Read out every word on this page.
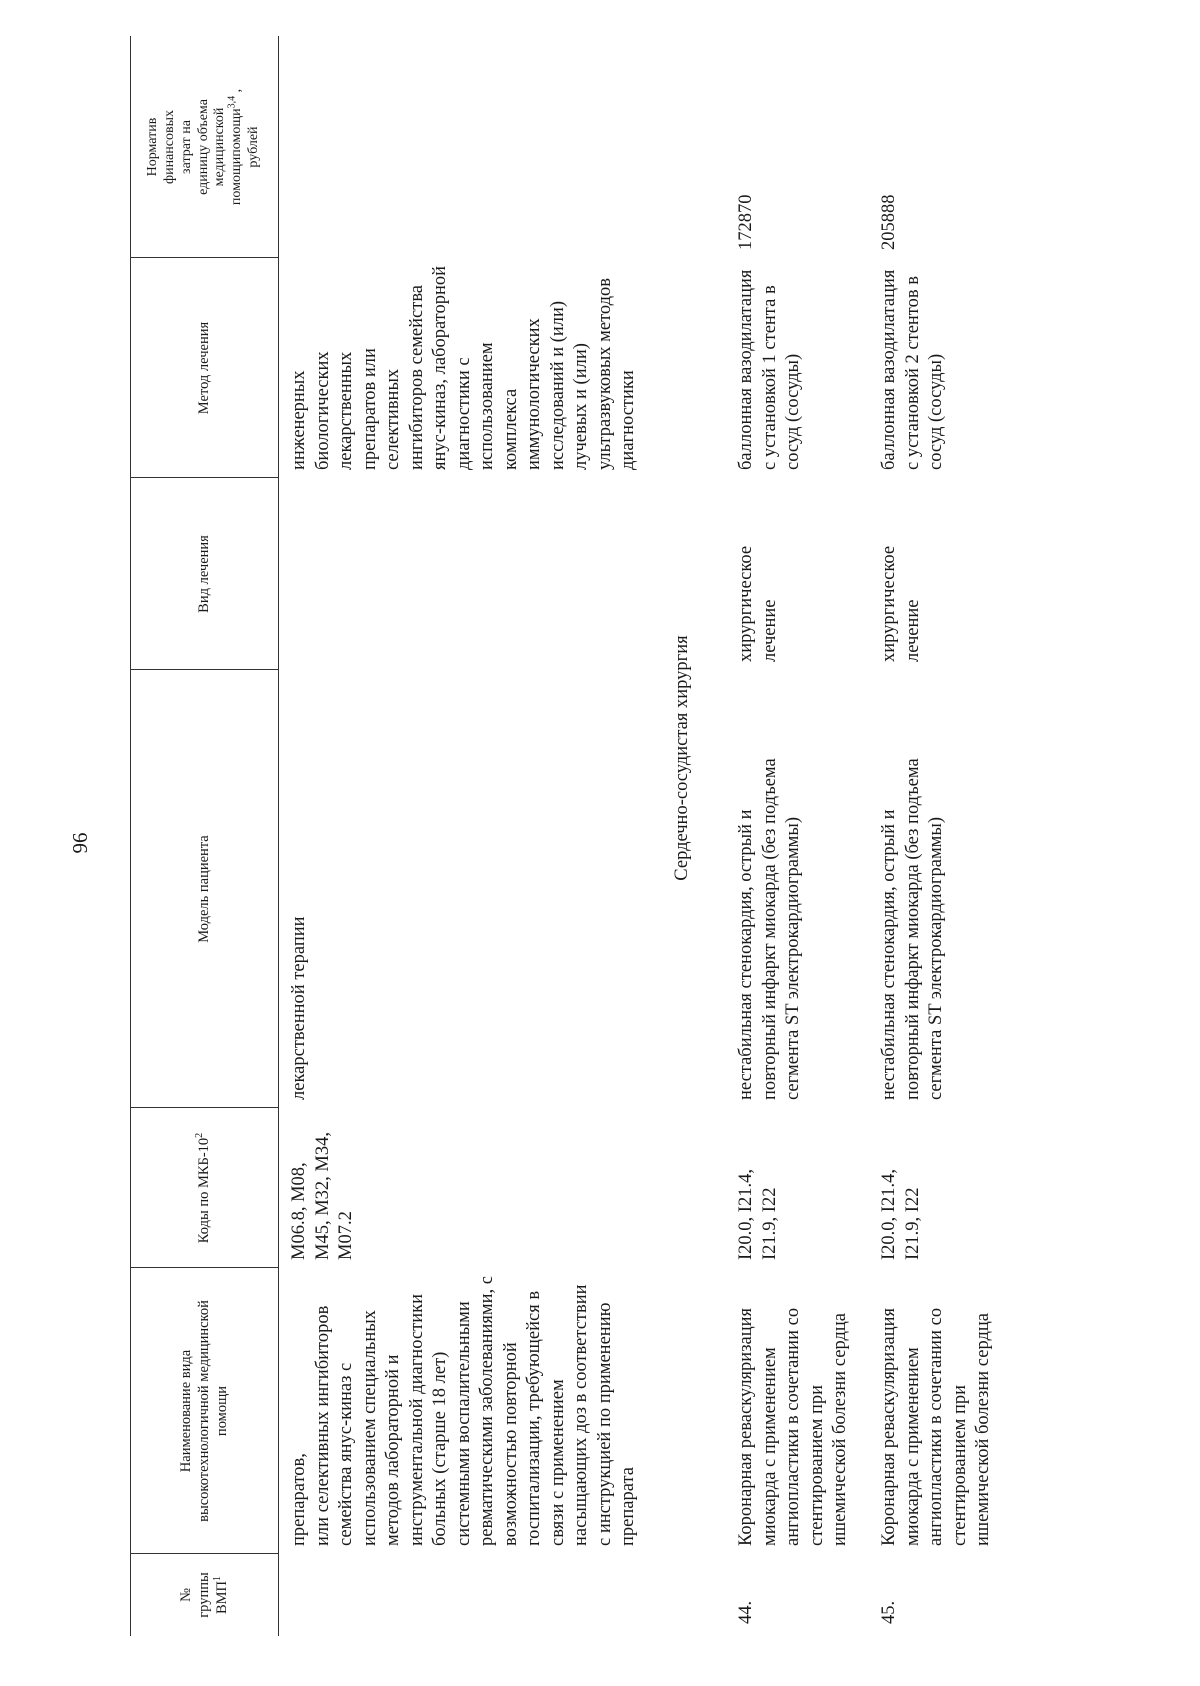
96
№ группы ВМП$^1$
Наименование вида высокотехнологичной медицинской помощи
Коды по МКБ-$10^2$
Модель пациента
Вид лечения
Метод лечения
Норматив финансовых затрат на единицу объема медицинской помощипомощи$^{3,4}$ ,
рублей
препаратов, или селективных ингибиторов семейства янус-киназ с использованием специальных методов лабораторной и инструментальной диагностики больных (старше 18 лет) системными воспалительными ревматическими заболеваниями, с возможностью повторной госпитализации, требующейся в связи с применением насыщающих доз в соответствии с инструкцией по применению препарата
M06.8, M08, M45, M32, M34, M07.2
лекарственной терапии
инженерных биологических лекарственных препаратов или селективных ингибиторов семейства янус-киназ, лабораторной диагностики с использованием комплекса иммунологических исследований и (или) лучевых и (или) ультразвуковых методов диагностики
Сердечно-сосудистая хирургия
44.
Коронарная реваскуляризация миокарда с применением ангиопластики в сочетании со стентированием при ишемической болезни сердца
I20.0, I21.4, I21.9, I22
нестабильная стенокардия, острый и повторный инфаркт миокарда (без подъема сегмента ST электрокардиограммы)
хирургическое лечение
баллонная вазодилатация с установкой 1 стента в сосуд (сосуды)
172870
45.
Коронарная реваскуляризация миокарда с применением ангиопластики в сочетании со стентированием при ишемической болезни сердца
I20.0, I21.4, I21.9, I22
нестабильная стенокардия, острый и повторный инфаркт миокарда (без подъема сегмента ST электрокардиограммы)
хирургическое лечение
баллонная вазодилатация с установкой 2 стентов в сосуд (сосуды)
205888
